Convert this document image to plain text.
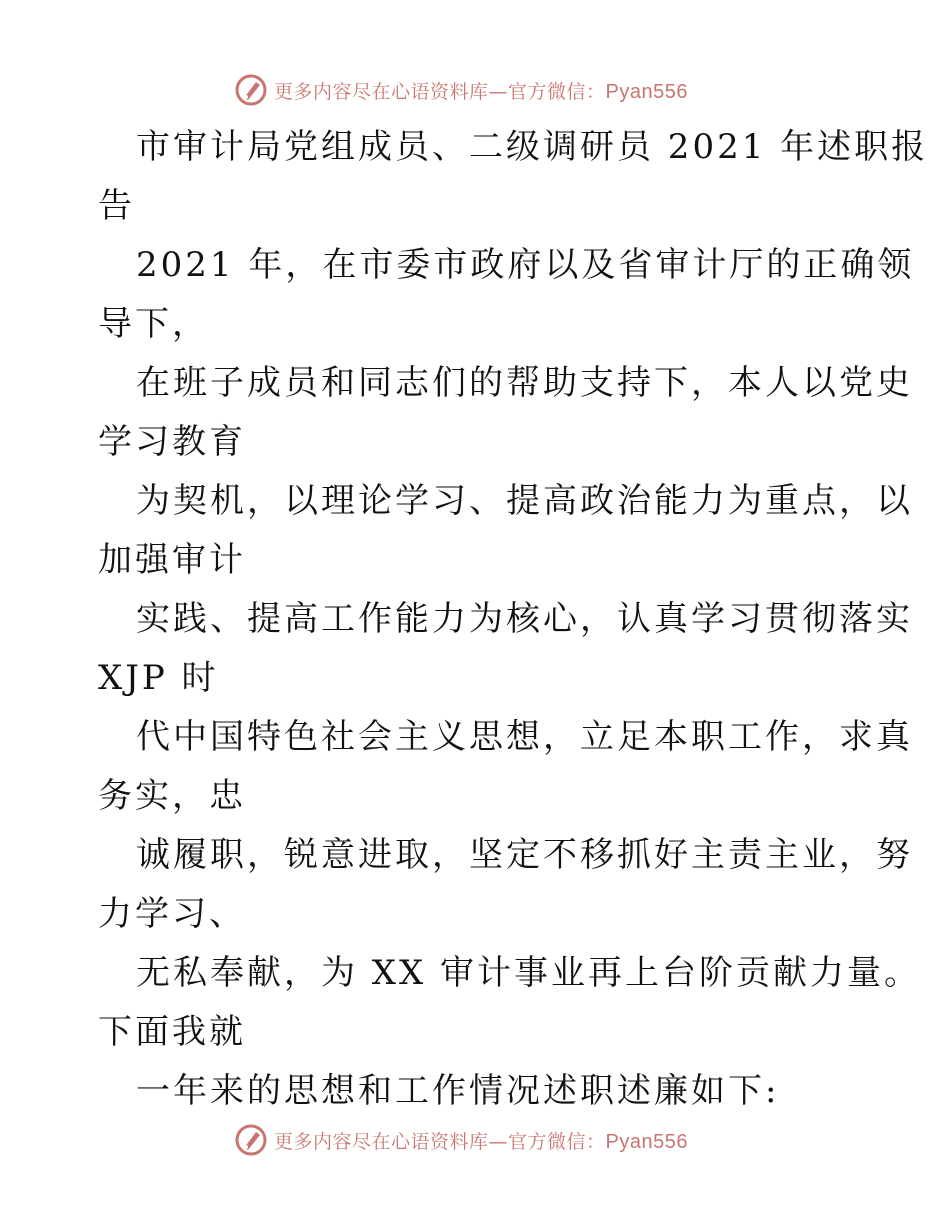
更多内容尽在心语资料库—官方微信：Pyan556
市审计局党组成员、二级调研员 2021 年述职报
告
2021 年，在市委市政府以及省审计厅的正确领
导下，
在班子成员和同志们的帮助支持下，本人以党史
学习教育
为契机，以理论学习、提高政治能力为重点，以
加强审计
实践、提高工作能力为核心，认真学习贯彻落实
XJP 时
代中国特色社会主义思想，立足本职工作，求真
务实，忠
诚履职，锐意进取，坚定不移抓好主责主业，努
力学习、
无私奉献，为 XX 审计事业再上台阶贡献力量。
下面我就
一年来的思想和工作情况述职述廉如下:
更多内容尽在心语资料库—官方微信：Pyan556
